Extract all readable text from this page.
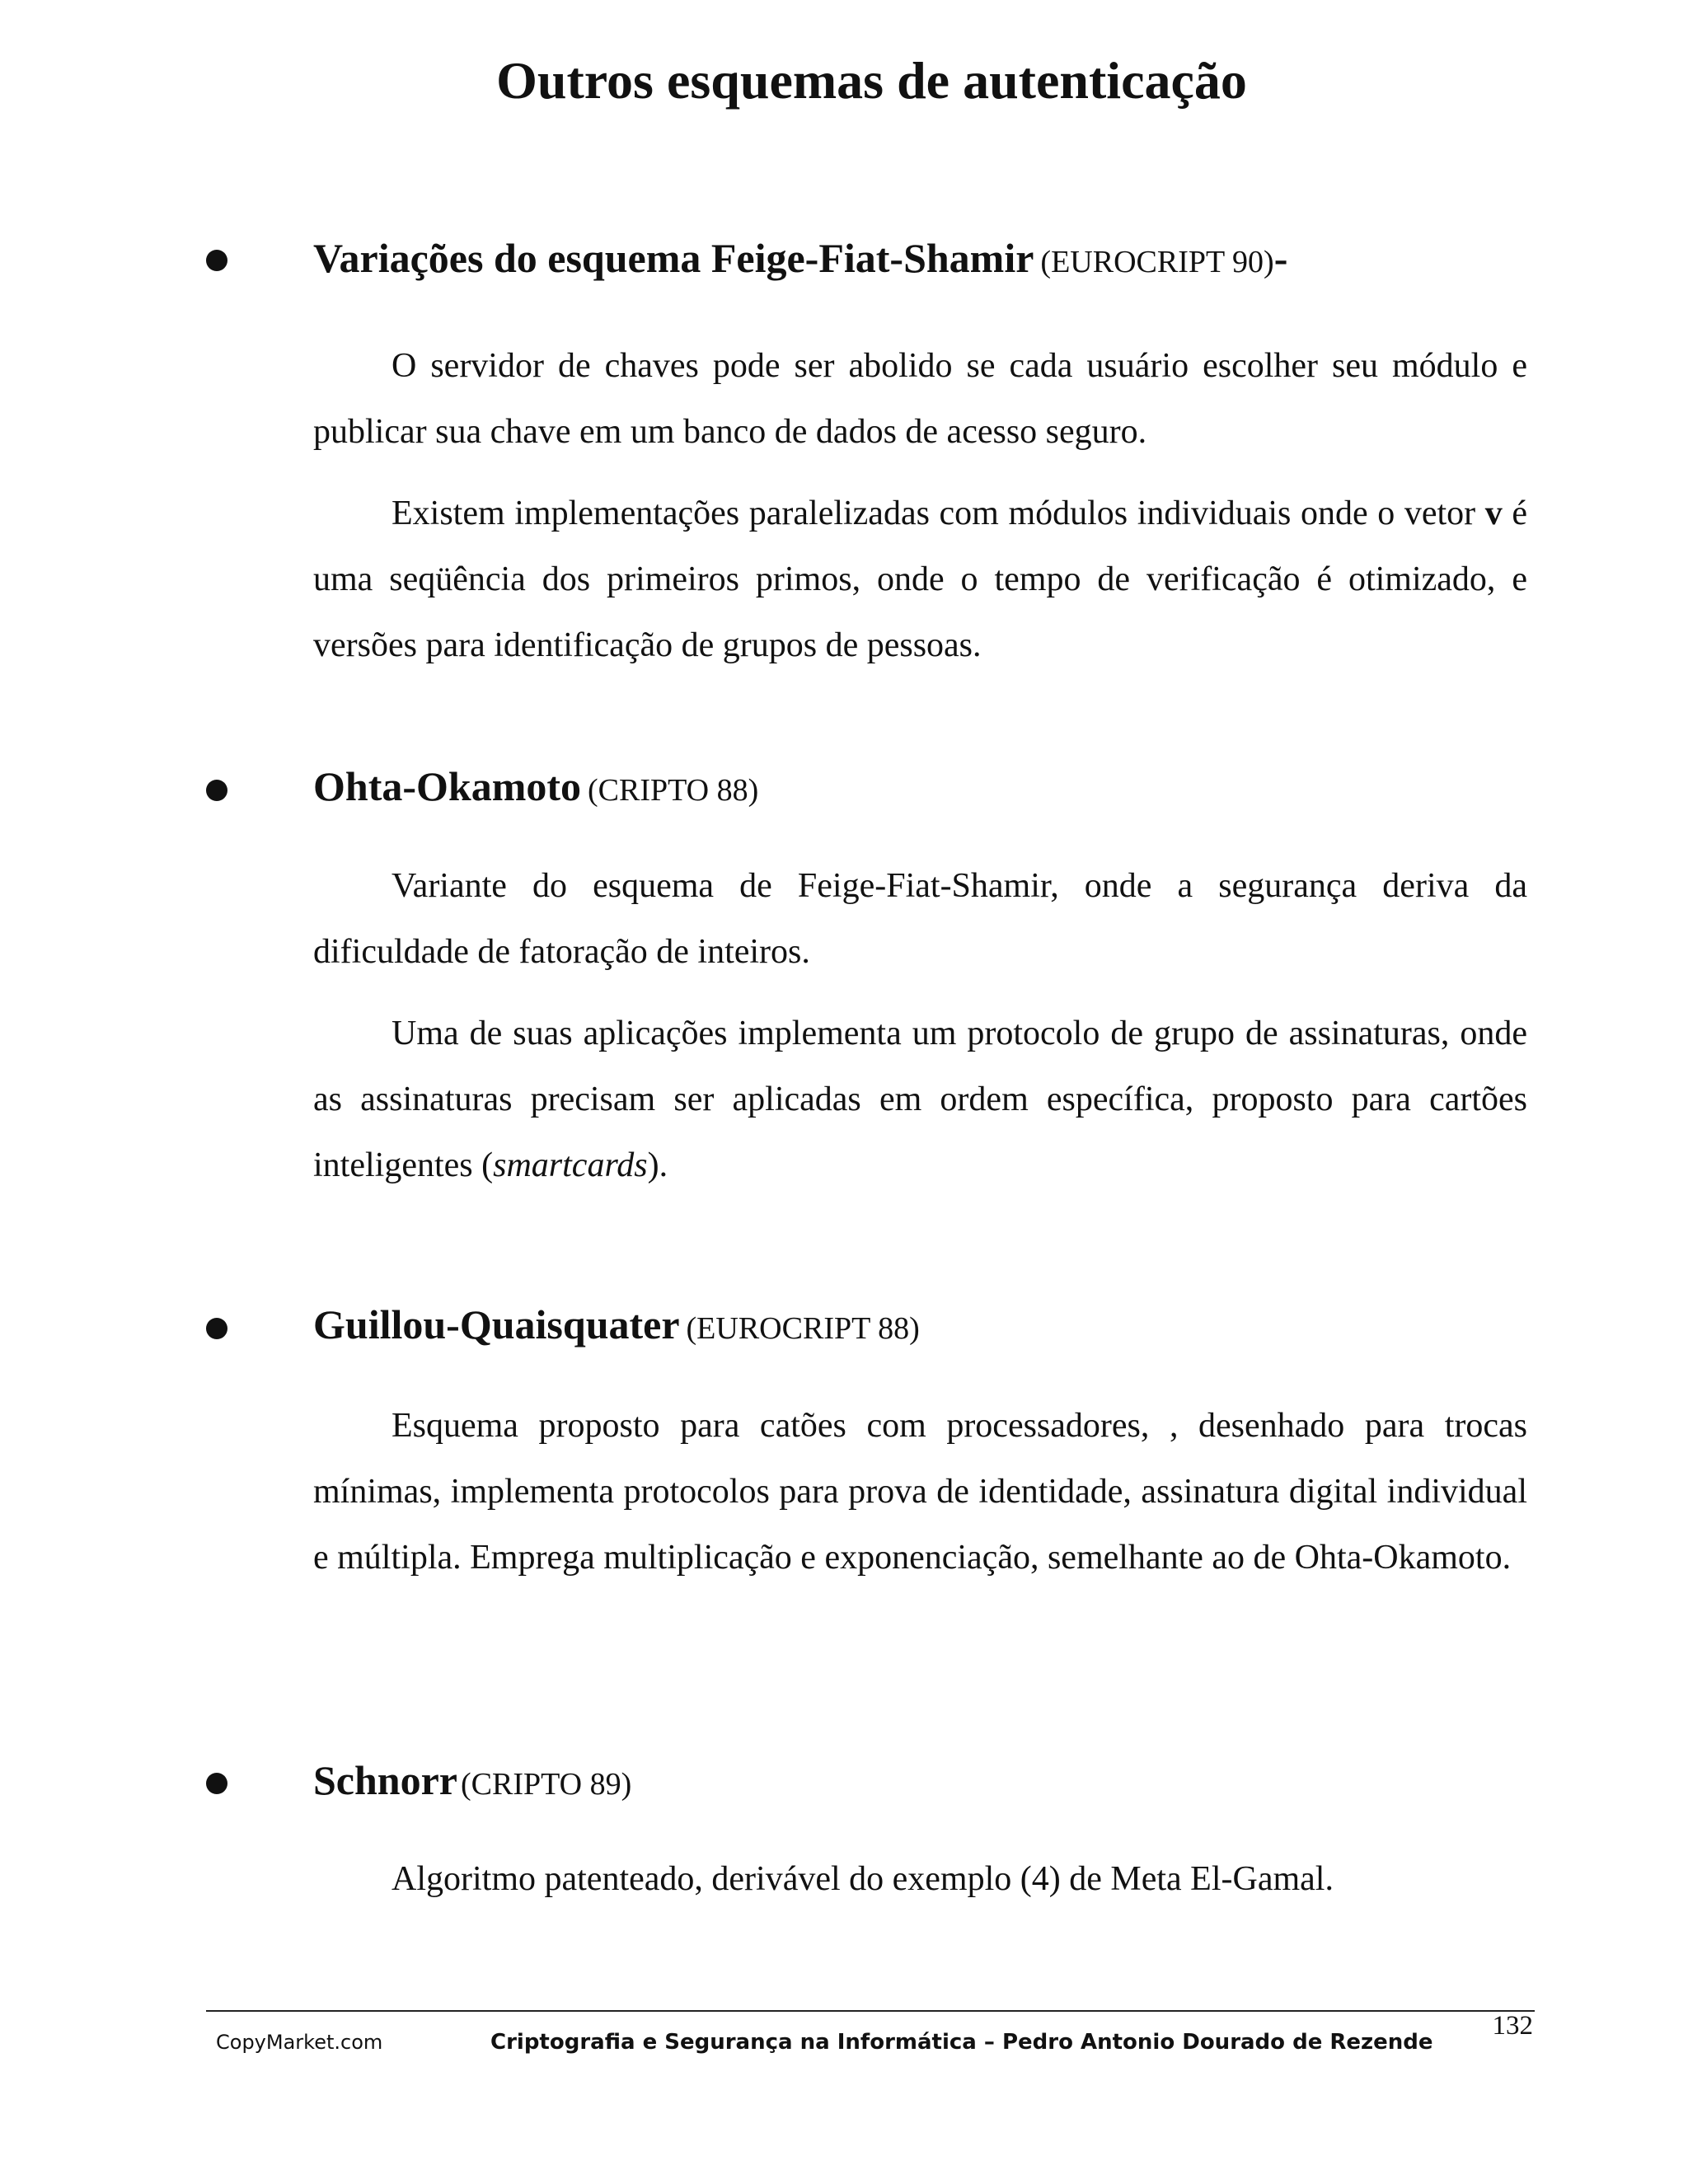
Outros esquemas de autenticação
Variações do esquema Feige-Fiat-Shamir (EUROCRIPT 90)-

O servidor de chaves pode ser abolido se cada usuário escolher seu módulo e publicar sua chave em um banco de dados de acesso seguro.

Existem implementações paralelizadas com módulos individuais onde o vetor v é uma seqüência dos primeiros primos, onde o tempo de verificação é otimizado, e versões para identificação de grupos de pessoas.

Ohta-Okamoto (CRIPTO 88)

Variante do esquema de Feige-Fiat-Shamir, onde a segurança deriva da dificuldade de fatoração de inteiros.

Uma de suas aplicações implementa um protocolo de grupo de assinaturas, onde as assinaturas precisam ser aplicadas em ordem específica, proposto para cartões inteligentes (smartcards).

Guillou-Quaisquater (EUROCRIPT 88)

Esquema proposto para catões com processadores, , desenhado para trocas mínimas, implementa protocolos para prova de identidade, assinatura digital individual e múltipla. Emprega multiplicação e exponenciação, semelhante ao de Ohta-Okamoto.

Schnorr (CRIPTO 89)

Algoritmo patenteado, derivável do exemplo (4) de Meta El-Gamal.

132
CopyMarket.com	Criptografia e Segurança na Informática – Pedro Antonio Dourado de Rezende
